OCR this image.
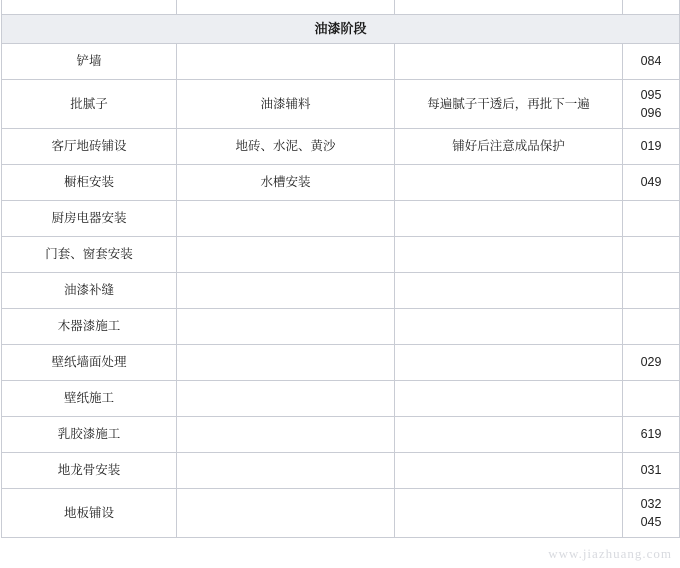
油漆阶段			
铲墙			084

批腻子	油漆辅料	每遍腻子干透后，再批下一遍	095
096

客厅地砖铺设	地砖、水泥、黄沙	铺好后注意成品保护	019

橱柜安装	水槽安装		049

厨房电器安装			
门套、窗套安装			
油漆补缝			
木器漆施工			
壁纸墙面处理			029

壁纸施工			
乳胶漆施工			619

地龙骨安装			031

地板铺设			032
045
www.jiazhuang.com
